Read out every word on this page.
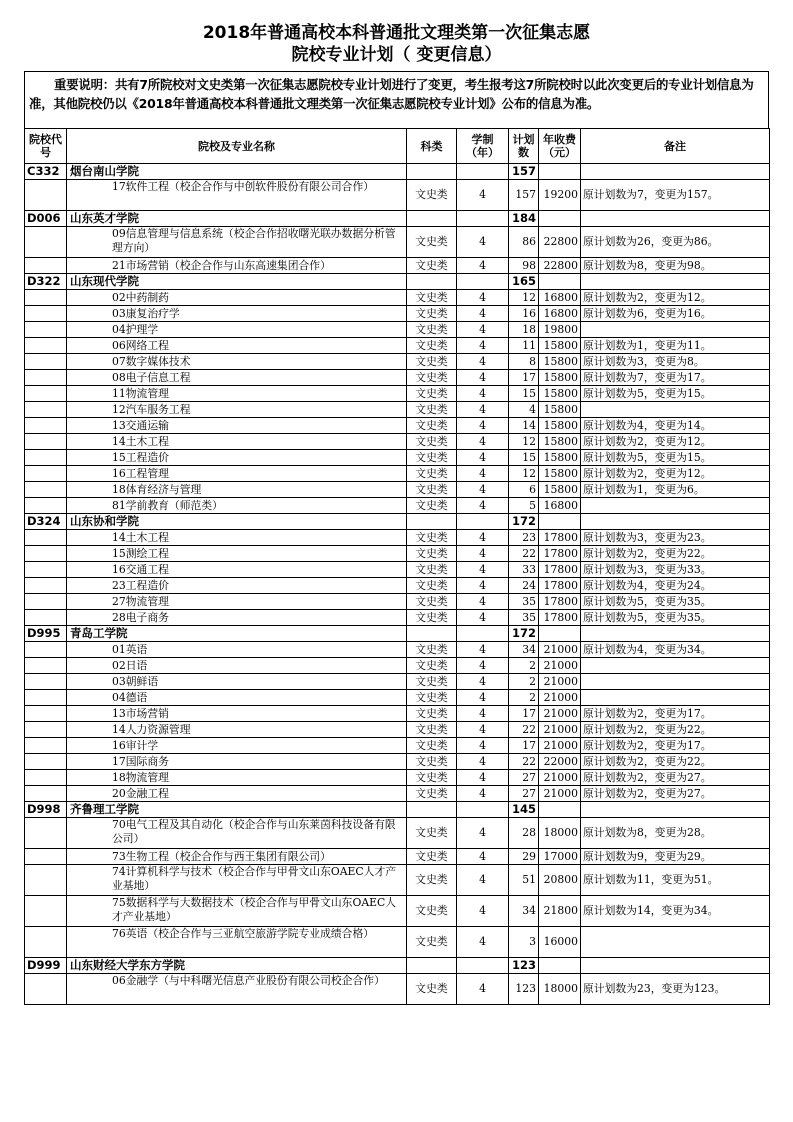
2018年普通高校本科普通批文理类第一次征集志愿
院校专业计划（ 变更信息）
重要说明：共有7所院校对文史类第一次征集志愿院校专业计划进行了变更，考生报考这7所院校时以此次变更后的专业计划信息为准，其他院校仍以《2018年普通高校本科普通批文理类第一次征集志愿院校专业计划》公布的信息为准。
院校代号	院校及专业名称	科类	学制（年）	计划数	年收费（元）	备注
C332	烟台南山学院			157		
	17软件工程（校企合作与中创软件股份有限公司合作）	文史类	4	157	19200	原计划数为7，变更为157。
D006	山东英才学院			184		
	09信息管理与信息系统（校企合作招收曙光联办数据分析管理方向）	文史类	4	86	22800	原计划数为26，变更为86。
	21市场营销（校企合作与山东高速集团合作）	文史类	4	98	22800	原计划数为8，变更为98。
D322	山东现代学院			165		
	02中药制药	文史类	4	12	16800	原计划数为2，变更为12。
	03康复治疗学	文史类	4	16	16800	原计划数为6，变更为16。
	04护理学	文史类	4	18	19800	
	06网络工程	文史类	4	11	15800	原计划数为1，变更为11。
	07数字媒体技术	文史类	4	8	15800	原计划数为3，变更为8。
	08电子信息工程	文史类	4	17	15800	原计划数为7，变更为17。
	11物流管理	文史类	4	15	15800	原计划数为5，变更为15。
	12汽车服务工程	文史类	4	4	15800	
	13交通运输	文史类	4	14	15800	原计划数为4，变更为14。
	14土木工程	文史类	4	12	15800	原计划数为2，变更为12。
	15工程造价	文史类	4	15	15800	原计划数为5，变更为15。
	16工程管理	文史类	4	12	15800	原计划数为2，变更为12。
	18体育经济与管理	文史类	4	6	15800	原计划数为1，变更为6。
	81学前教育（师范类）	文史类	4	5	16800	
D324	山东协和学院			172		
	14土木工程	文史类	4	23	17800	原计划数为3，变更为23。
	15测绘工程	文史类	4	22	17800	原计划数为2，变更为22。
	16交通工程	文史类	4	33	17800	原计划数为3，变更为33。
	23工程造价	文史类	4	24	17800	原计划数为4，变更为24。
	27物流管理	文史类	4	35	17800	原计划数为5，变更为35。
	28电子商务	文史类	4	35	17800	原计划数为5，变更为35。
D995	青岛工学院			172		
	01英语	文史类	4	34	21000	原计划数为4，变更为34。
	02日语	文史类	4	2	21000	
	03朝鲜语	文史类	4	2	21000	
	04德语	文史类	4	2	21000	
	13市场营销	文史类	4	17	21000	原计划数为2，变更为17。
	14人力资源管理	文史类	4	22	21000	原计划数为2，变更为22。
	16审计学	文史类	4	17	21000	原计划数为2，变更为17。
	17国际商务	文史类	4	22	22000	原计划数为2，变更为22。
	18物流管理	文史类	4	27	21000	原计划数为2，变更为27。
	20金融工程	文史类	4	27	21000	原计划数为2，变更为27。
D998	齐鲁理工学院			145		
	70电气工程及其自动化（校企合作与山东莱茵科技设备有限公司）	文史类	4	28	18000	原计划数为8，变更为28。
	73生物工程（校企合作与西王集团有限公司）	文史类	4	29	17000	原计划数为9，变更为29。
	74计算机科学与技术（校企合作与甲骨文山东OAEC人才产业基地）	文史类	4	51	20800	原计划数为11，变更为51。
	75数据科学与大数据技术（校企合作与甲骨文山东OAEC人才产业基地）	文史类	4	34	21800	原计划数为14，变更为34。
	76英语（校企合作与三亚航空旅游学院专业成绩合格）	文史类	4	3	16000	
D999	山东财经大学东方学院			123		
	06金融学（与中科曙光信息产业股份有限公司校企合作）	文史类	4	123	18000	原计划数为23，变更为123。
